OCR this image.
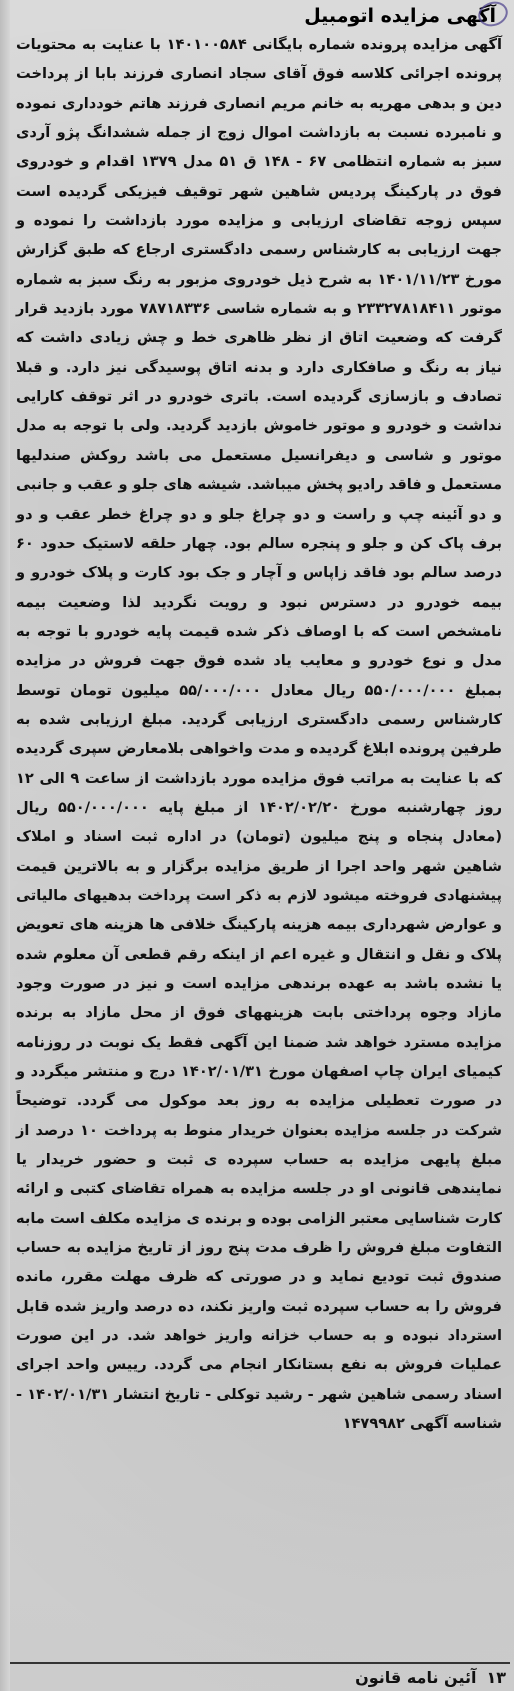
آگهی مزایده اتومبیل

آگهی مزایده پرونده شماره بایگانی ۱۴۰۱۰۰۵۸۴ با عنایت به محتویات پرونده اجرائی کلاسه فوق آقای سجاد انصاری فرزند بابا از پرداخت دین و بدهی مهریه به خانم مریم انصاری فرزند هاتم خودداری نموده و نامبرده نسبت به بازداشت اموال زوج از جمله ششدانگ پژو آردی سبز به شماره انتظامی ۶۷ - ۱۴۸ ق ۵۱ مدل ۱۳۷۹ اقدام و خودروی فوق در پارکینگ پردیس شاهین شهر توقیف فیزیکی گردیده است سپس زوجه تقاضای ارزیابی و مزایده مورد بازداشت را نموده و جهت ارزیابی به کارشناس رسمی دادگستری ارجاع که طبق گزارش مورخ ۱۴۰۱/۱۱/۲۳ به شرح ذیل خودروی مزبور به رنگ سبز به شماره موتور ۲۳۳۲۷۸۱۸۴۱۱ و به شماره شاسی ۷۸۷۱۸۳۳۶ مورد بازدید قرار گرفت که وضعیت اتاق از نظر ظاهری خط و چش زیادی داشت که نیاز به رنگ و صافکاری دارد و بدنه اتاق پوسیدگی نیز دارد. و قبلا تصادف و بازسازی گردیده است. باتری خودرو در اثر توقف کارایی نداشت و خودرو و موتور خاموش بازدید گردید. ولی با توجه به مدل موتور و شاسی و دیفرانسیل مستعمل می باشد روکش صندلیها مستعمل و فاقد رادیو پخش میباشد. شیشه های جلو و عقب و جانبی و دو آئینه چپ و راست و دو چراغ جلو و دو چراغ خطر عقب و دو برف پاک کن و جلو و پنجره سالم بود. چهار حلقه لاستیک حدود ۶۰ درصد سالم بود فاقد زاپاس و آچار و جک بود کارت و پلاک خودرو و بیمه خودرو در دسترس نبود و رویت نگردید لذا وضعیت بیمه نامشخص است که با اوصاف ذکر شده قیمت پایه خودرو با توجه به مدل و نوع خودرو و معایب یاد شده فوق جهت فروش در مزایده بمبلغ ۵۵۰/۰۰۰/۰۰۰ ریال معادل ۵۵/۰۰۰/۰۰۰ میلیون تومان توسط کارشناس رسمی دادگستری ارزیابی گردید. مبلغ ارزیابی شده به طرفین پرونده ابلاغ گردیده و مدت واخواهی بلامعارض سپری گردیده که با عنایت به مراتب فوق مزایده مورد بازداشت از ساعت ۹ الی ۱۲ روز چهارشنبه مورخ ۱۴۰۲/۰۲/۲۰ از مبلغ پایه ۵۵۰/۰۰۰/۰۰۰ ریال (معادل پنجاه و پنج میلیون (تومان) در اداره ثبت اسناد و املاک شاهین شهر واحد اجرا از طریق مزایده برگزار و به بالاترین قیمت پیشنهادی فروخته میشود لازم به ذکر است پرداخت بدهیهای مالیاتی و عوارض شهرداری بیمه هزینه پارکینگ خلافی ها هزینه های تعویض پلاک و نقل و انتقال و غیره اعم از اینکه رقم قطعی آن معلوم شده یا نشده باشد به عهده برندهی مزایده است و نیز در صورت وجود مازاد وجوه پرداختی بابت هزینههای فوق از محل مازاد به برنده مزایده مسترد خواهد شد ضمنا این آگهی فقط یک نوبت در روزنامه کیمیای ایران چاپ اصفهان مورخ ۱۴۰۲/۰۱/۳۱ درج و منتشر میگردد و در صورت تعطیلی مزایده به روز بعد موکول می گردد. توضیحاً شرکت در جلسه مزایده بعنوان خریدار منوط به پرداخت ۱۰ درصد از مبلغ پایهی مزایده به حساب سپرده ی ثبت و حضور خریدار یا نمایندهی قانونی او در جلسه مزایده به همراه تقاضای کتبی و ارائه کارت شناسایی معتبر الزامی بوده و برنده ی مزایده مکلف است مابه التفاوت مبلغ فروش را ظرف مدت پنج روز از تاریخ مزایده به حساب صندوق ثبت تودیع نماید و در صورتی که ظرف مهلت مقرر، مانده فروش را به حساب سپرده ثبت واریز نکند، ده درصد واریز شده قابل استرداد نبوده و به حساب خزانه واریز خواهد شد. در این صورت عملیات فروش به نفع بستانکار انجام می گردد. رییس واحد اجرای اسناد رسمی شاهین شهر - رشید توکلی - تاریخ انتشار ۱۴۰۲/۰۱/۳۱ - شناسه آگهی ۱۴۷۹۹۸۲

۱۳
آئین نامه قانون
